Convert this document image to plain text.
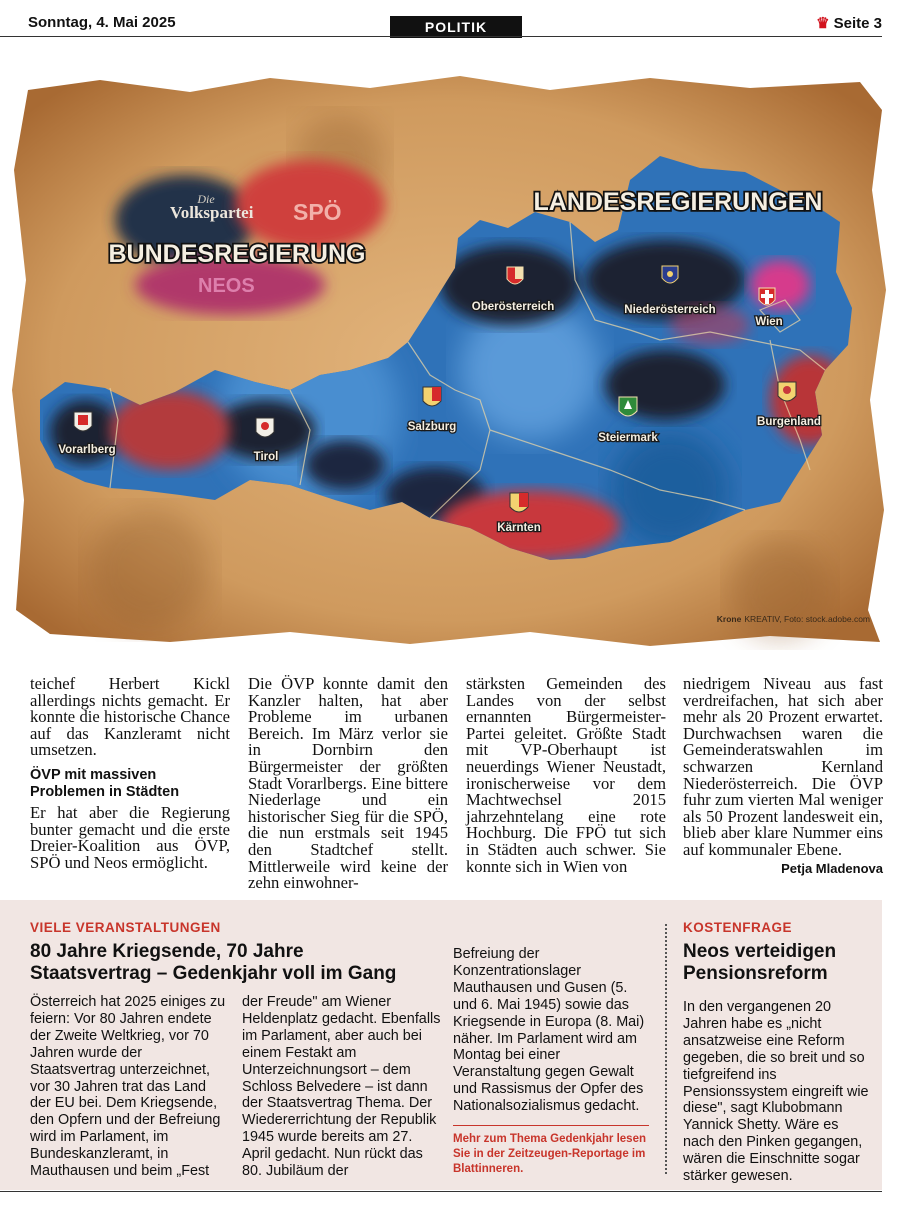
Sonntag, 4. Mai 2025	POLITIK	♛ Seite 3
Die
Volkspartei SPÖ
NEOS
Oberösterreich	Niederösterreich
Wien
Vorarlberg
Tirol
Salzburg
Steiermark
Burgenland
Kärnten
LANDESREGIERUNGEN
BUNDESREGIERUNG
Krone KREATIV, Foto: stock.adobe.com

teichef Herbert Kickl allerdings nichts gemacht. Er konnte die historische Chance auf das Kanzleramt nicht umsetzen.

ÖVP mit massiven Problemen in Städten

Er hat aber die Regierung bunter gemacht und die erste Dreier-Koalition aus ÖVP, SPÖ und Neos ermöglicht.

Die ÖVP konnte damit den Kanzler halten, hat aber Probleme im urbanen Bereich. Im März verlor sie in Dornbirn den Bürgermeister der größten Stadt Vorarlbergs. Eine bittere Niederlage und ein historischer Sieg für die SPÖ, die nun erstmals seit 1945 den Stadtchef stellt. Mittlerweile wird keine der zehn einwohner-

stärksten Gemeinden des Landes von der selbst ernannten Bürgermeister-Partei geleitet. Größte Stadt mit VP-Oberhaupt ist neuerdings Wiener Neustadt, ironischerweise vor dem Machtwechsel 2015 jahrzehntelang eine rote Hochburg. Die FPÖ tut sich in Städten auch schwer. Sie konnte sich in Wien von

niedrigem Niveau aus fast verdreifachen, hat sich aber mehr als 20 Prozent erwartet. Durchwachsen waren die Gemeinderatswahlen im schwarzen Kernland Niederösterreich. Die ÖVP fuhr zum vierten Mal weniger als 50 Prozent landesweit ein, blieb aber klare Nummer eins auf kommunaler Ebene.

Petja Mladenova
VIELE VERANSTALTUNGEN
80 Jahre Kriegsende, 70 Jahre Staatsvertrag – Gedenkjahr voll im Gang

Österreich hat 2025 einiges zu feiern: Vor 80 Jahren endete der Zweite Weltkrieg, vor 70 Jahren wurde der Staatsvertrag unterzeichnet, vor 30 Jahren trat das Land der EU bei. Dem Kriegsende, den Opfern und der Befreiung wird im Parlament, im Bundeskanzleramt, in Mauthausen und beim „Fest

der Freude" am Wiener Heldenplatz gedacht. Ebenfalls im Parlament, aber auch bei einem Festakt am Unterzeichnungsort – dem Schloss Belvedere – ist dann der Staatsvertrag Thema. Der Wiedererrichtung der Republik 1945 wurde bereits am 27. April gedacht. Nun rückt das 80. Jubiläum der

Befreiung der Konzentrationslager Mauthausen und Gusen (5. und 6. Mai 1945) sowie das Kriegsende in Europa (8. Mai) näher. Im Parlament wird am Montag bei einer Veranstaltung gegen Gewalt und Rassismus der Opfer des Nationalsozialismus gedacht.

Mehr zum Thema Gedenkjahr lesen Sie in der Zeitzeugen-Reportage im Blattinneren.

KOSTENFRAGE
Neos verteidigen Pensionsreform

In den vergangenen 20 Jahren habe es „nicht ansatzweise eine Reform gegeben, die so breit und so tiefgreifend ins Pensionssystem eingreift wie diese", sagt Klubobmann Yannick Shetty. Wäre es nach den Pinken gegangen, wären die Einschnitte sogar stärker gewesen.
